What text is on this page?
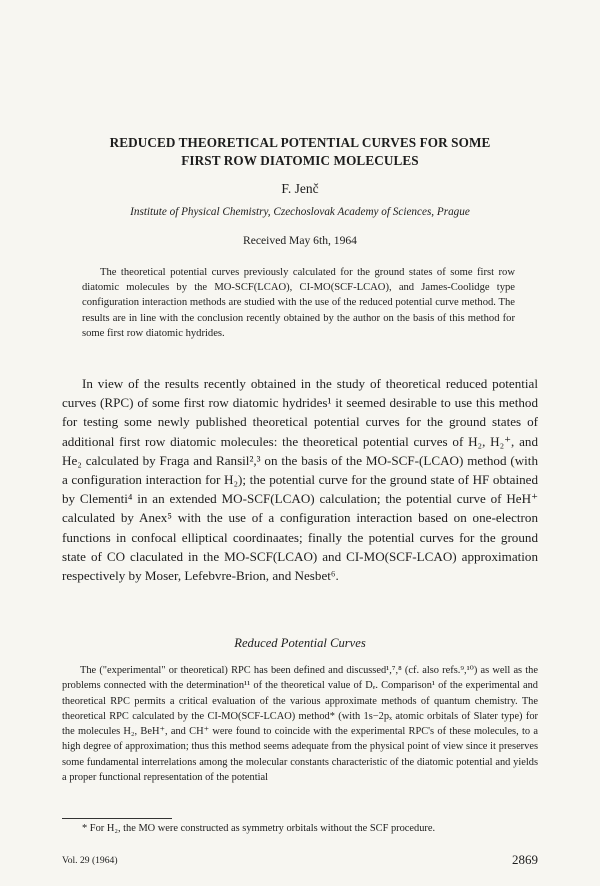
REDUCED THEORETICAL POTENTIAL CURVES FOR SOME
FIRST ROW DIATOMIC MOLECULES
F. Jenč
Institute of Physical Chemistry, Czechoslovak Academy of Sciences, Prague
Received May 6th, 1964

The theoretical potential curves previously calculated for the ground states of some first row diatomic molecules by the MO-SCF(LCAO), CI-MO(SCF-LCAO), and James-Coolidge type configuration interaction methods are studied with the use of the reduced potential curve method. The results are in line with the conclusion recently obtained by the author on the basis of this method for some first row diatomic hydrides.

In view of the results recently obtained in the study of theoretical reduced potential curves (RPC) of some first row diatomic hydrides¹ it seemed desirable to use this method for testing some newly published theoretical potential curves for the ground states of additional first row diatomic molecules: the theoretical potential curves of H₂, H₂⁺, and He₂ calculated by Fraga and Ransil²,³ on the basis of the MO-SCF-(LCAO) method (with a configuration interaction for H₂); the potential curve for the ground state of HF obtained by Clementi⁴ in an extended MO-SCF(LCAO) calculation; the potential curve of HeH⁺ calculated by Anex⁵ with the use of a configuration interaction based on one-electron functions in confocal elliptical coordinaates; finally the potential curves for the ground state of CO claculated in the MO-SCF(LCAO) and CI-MO(SCF-LCAO) approximation respectively by Moser, Lefebvre-Brion, and Nesbet⁶.

Reduced Potential Curves

The ("experimental" or theoretical) RPC has been defined and discussed¹,⁷,⁸ (cf. also refs.⁹,¹⁰) as well as the problems connected with the determination¹¹ of the theoretical value of Dₑ. Comparison¹ of the experimental and theoretical RPC permits a critical evaluation of the various approximate methods of quantum chemistry. The theoretical RPC calculated by the CI-MO(SCF-LCAO) method* (with 1s−2pₓ atomic orbitals of Slater type) for the molecules H₂, BeH⁺, and CH⁺ were found to coincide with the experimental RPC's of these molecules, to a high degree of approximation; thus this method seems adequate from the physical point of view since it preserves some fundamental interrelations among the molecular constants characteristic of the diatomic potential and yields a proper functional representation of the potential

* For H₂, the MO were constructed as symmetry orbitals without the SCF procedure.

Vol. 29 (1964)	2869
